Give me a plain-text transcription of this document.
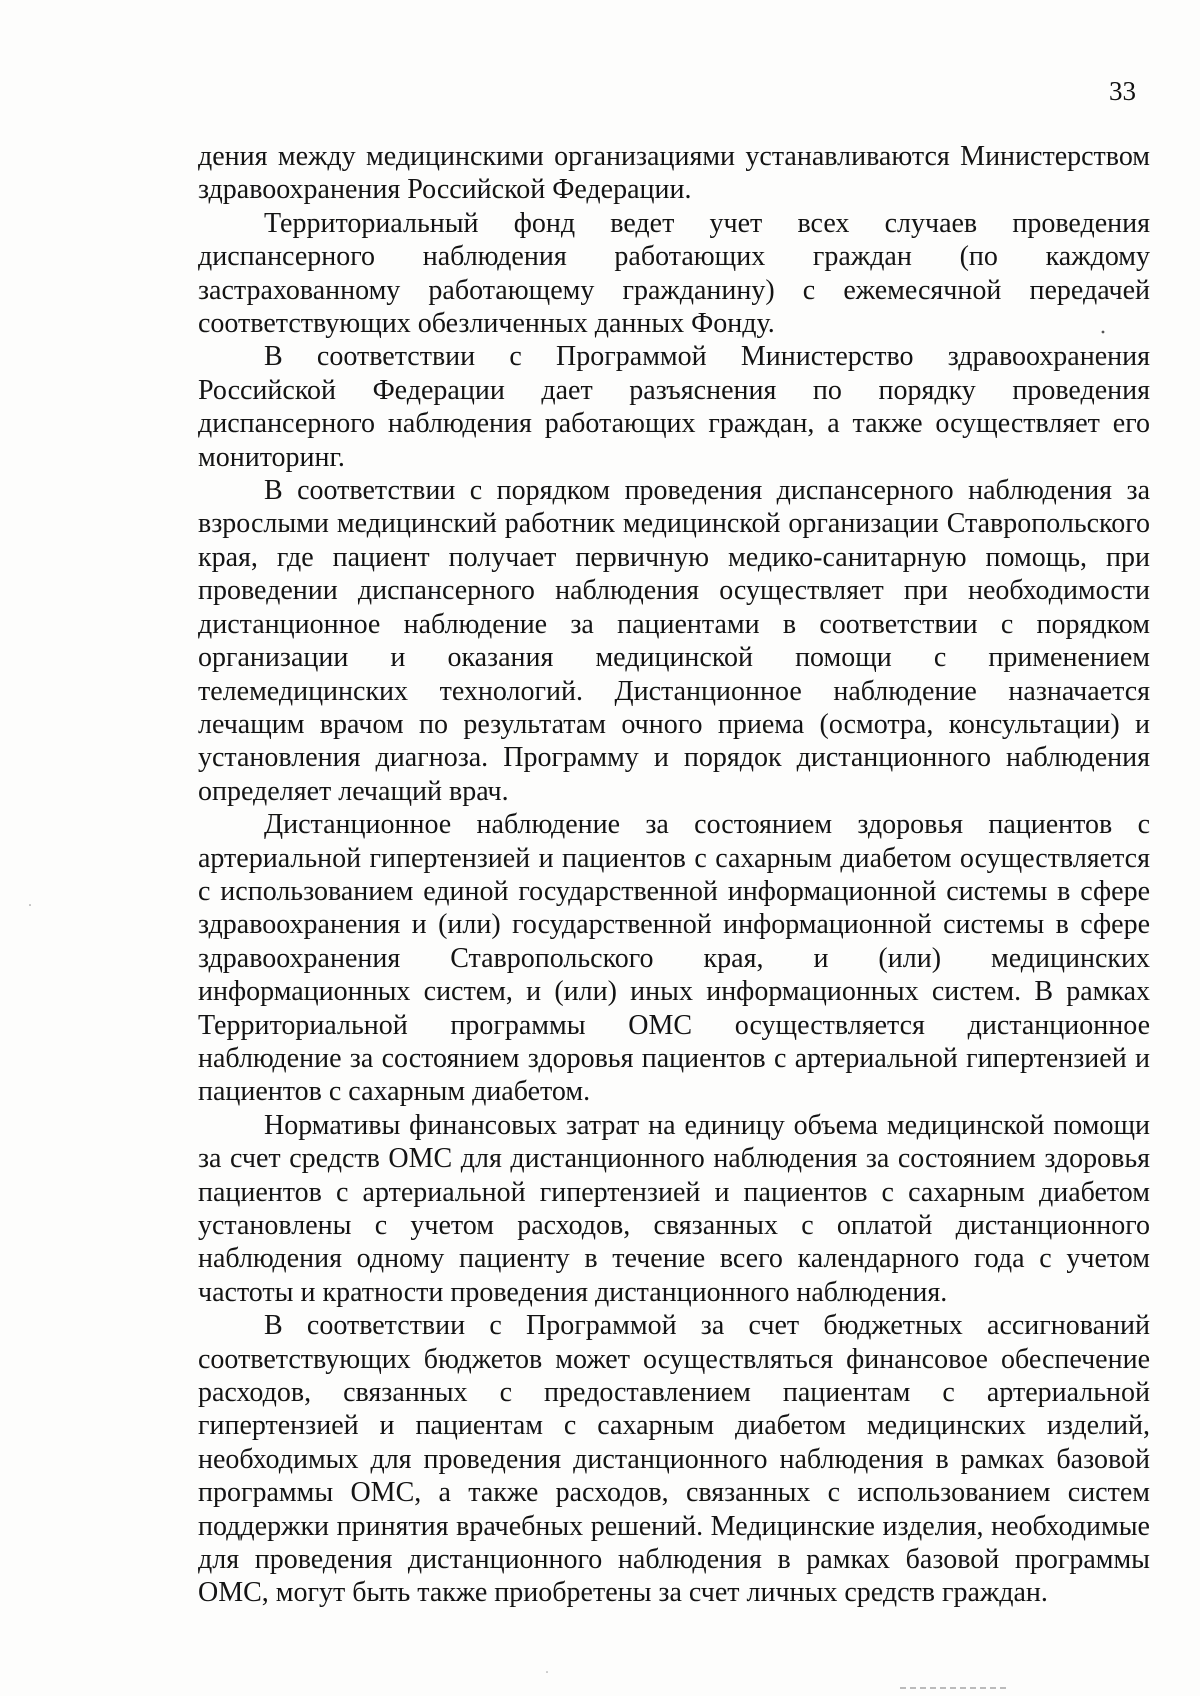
33

дения между медицинскими организациями устанавливаются Министерством здравоохранения Российской Федерации.

Территориальный фонд ведет учет всех случаев проведения диспансерного наблюдения работающих граждан (по каждому застрахованному работающему гражданину) с ежемесячной передачей соответствующих обезличенных данных Фонду.

В соответствии с Программой Министерство здравоохранения Российской Федерации дает разъяснения по порядку проведения диспансерного наблюдения работающих граждан, а также осуществляет его мониторинг.

В соответствии с порядком проведения диспансерного наблюдения за взрослыми медицинский работник медицинской организации Ставропольского края, где пациент получает первичную медико-санитарную помощь, при проведении диспансерного наблюдения осуществляет при необходимости дистанционное наблюдение за пациентами в соответствии с порядком организации и оказания медицинской помощи с применением телемедицинских технологий. Дистанционное наблюдение назначается лечащим врачом по результатам очного приема (осмотра, консультации) и установления диагноза. Программу и порядок дистанционного наблюдения определяет лечащий врач.

Дистанционное наблюдение за состоянием здоровья пациентов с артериальной гипертензией и пациентов с сахарным диабетом осуществляется с использованием единой государственной информационной системы в сфере здравоохранения и (или) государственной информационной системы в сфере здравоохранения Ставропольского края, и (или) медицинских информационных систем, и (или) иных информационных систем. В рамках Территориальной программы ОМС осуществляется дистанционное наблюдение за состоянием здоровья пациентов с артериальной гипертензией и пациентов с сахарным диабетом.

Нормативы финансовых затрат на единицу объема медицинской помощи за счет средств ОМС для дистанционного наблюдения за состоянием здоровья пациентов с артериальной гипертензией и пациентов с сахарным диабетом установлены с учетом расходов, связанных с оплатой дистанционного наблюдения одному пациенту в течение всего календарного года с учетом частоты и кратности проведения дистанционного наблюдения.

В соответствии с Программой за счет бюджетных ассигнований соответствующих бюджетов может осуществляться финансовое обеспечение расходов, связанных с предоставлением пациентам с артериальной гипертензией и пациентам с сахарным диабетом медицинских изделий, необходимых для проведения дистанционного наблюдения в рамках базовой программы ОМС, а также расходов, связанных с использованием систем поддержки принятия врачебных решений. Медицинские изделия, необходимые для проведения дистанционного наблюдения в рамках базовой программы ОМС, могут быть также приобретены за счет личных средств граждан.
